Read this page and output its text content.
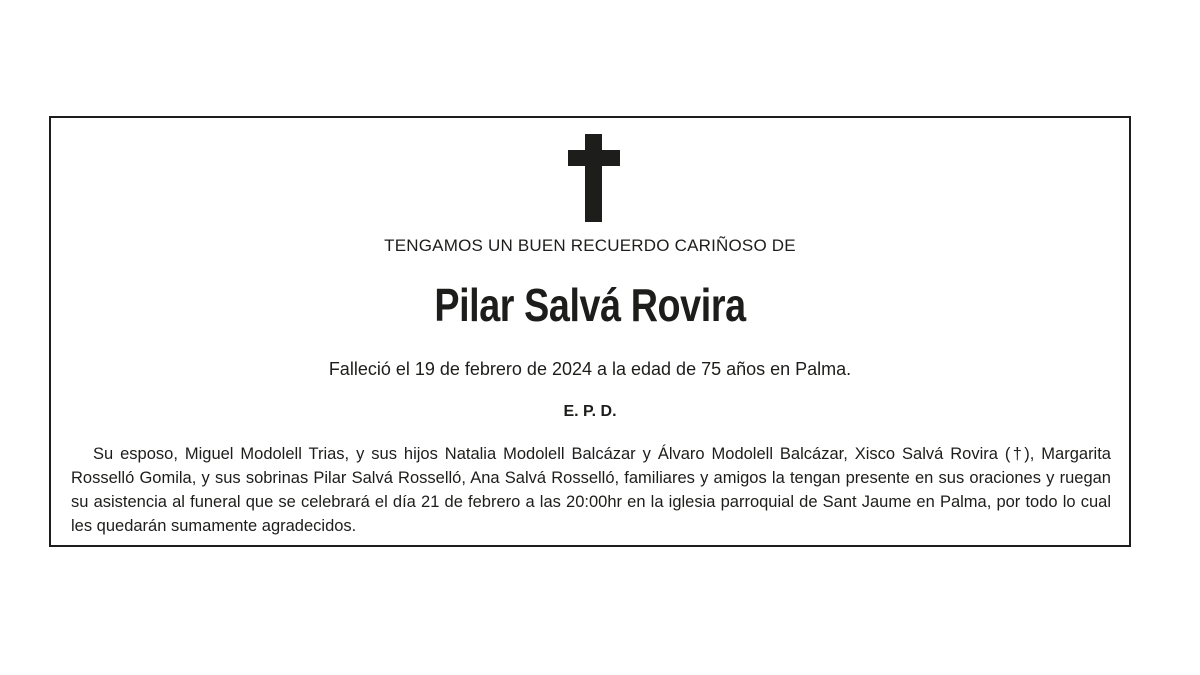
TENGAMOS UN BUEN RECUERDO CARIÑOSO DE
Pilar Salvá Rovira
Falleció el 19 de febrero de 2024 a la edad de 75 años en Palma.
E. P. D.

Su esposo, Miguel Modolell Trias, y sus hijos Natalia Modolell Balcázar y Álvaro Modolell Balcázar, Xisco Salvá Rovira (†), Margarita Rosselló Gomila, y sus sobrinas Pilar Salvá Rosselló, Ana Salvá Rosselló, familiares y amigos la tengan presente en sus oraciones y ruegan su asistencia al funeral que se celebrará el día 21 de febrero a las 20:00hr en la iglesia parroquial de Sant Jaume en Palma, por todo lo cual les quedarán sumamente agradecidos.
